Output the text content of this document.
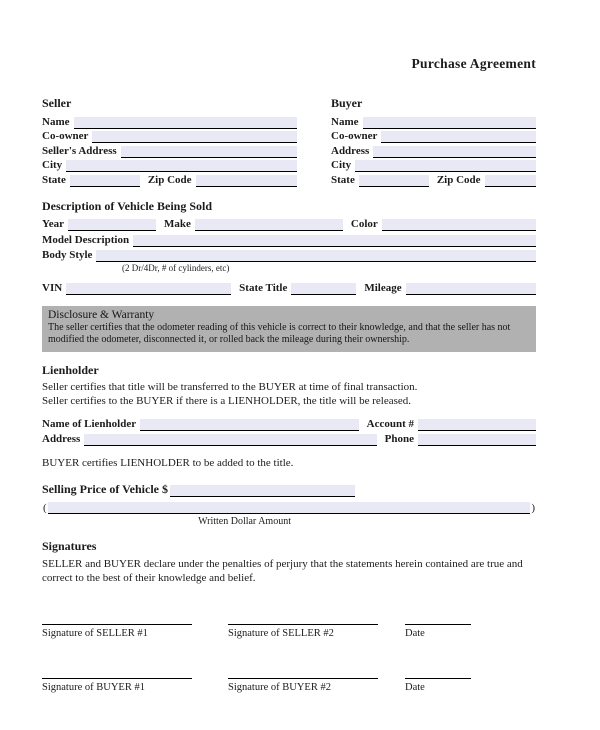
Purchase Agreement
Seller
Name
Co-owner
Seller's Address
City
State	Zip Code
Buyer
Name
Co-owner
Address
City
State	Zip Code
Description of Vehicle Being Sold
Year	Make	Color
Model Description
Body Style
(2 Dr/4Dr, # of cylinders, etc)
VIN	State Title	Mileage
Disclosure & Warranty
The seller certifies that the odometer reading of this vehicle is correct to their knowledge, and that the seller has not modified the odometer, disconnected it, or rolled back the mileage during their ownership.
Lienholder
Seller certifies that title will be transferred to the BUYER at time of final transaction.
Seller certifies to the BUYER if there is a LIENHOLDER, the title will be released.
Name of Lienholder	Account #
Address	Phone
BUYER certifies LIENHOLDER to be added to the title.
Selling Price of Vehicle $
(	)
Written Dollar Amount
Signatures
SELLER and BUYER declare under the penalties of perjury that the statements herein contained are true and correct to the best of their knowledge and belief.
Signature of SELLER #1	Signature of SELLER #2	Date
Signature of BUYER #1	Signature of BUYER #2	Date
